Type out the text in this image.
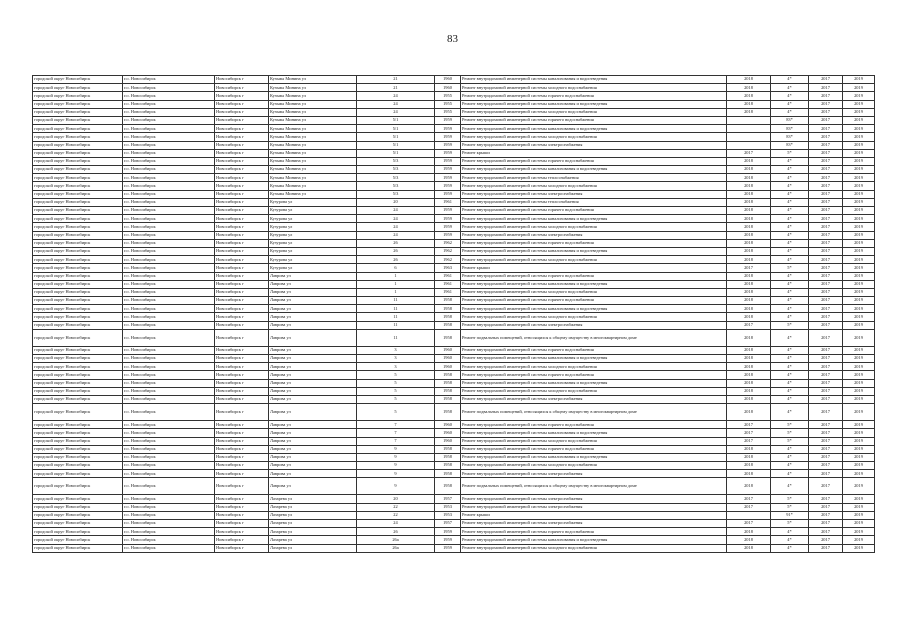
83
городской округ Новосибирск	г.о. Новосибирск	Новосибирск г	Кузьмы Минина ул	21	1960	Ремонт внутридомовой инженерной системы канализования и водоотведения	2018	4*	2017	2019
городской округ Новосибирск	г.о. Новосибирск	Новосибирск г	Кузьмы Минина ул	21	1960	Ремонт внутридомовой инженерной системы холодного водоснабжения	2018	4*	2017	2019
городской округ Новосибирск	г.о. Новосибирск	Новосибирск г	Кузьмы Минина ул	24	1955	Ремонт внутридомовой инженерной системы горячего водоснабжения	2018	4*	2017	2019
городской округ Новосибирск	г.о. Новосибирск	Новосибирск г	Кузьмы Минина ул	24	1955	Ремонт внутридомовой инженерной системы канализования и водоотведения	2018	4*	2017	2019
городской округ Новосибирск	г.о. Новосибирск	Новосибирск г	Кузьмы Минина ул	24	1955	Ремонт внутридомовой инженерной системы холодного водоснабжения	2018	4*	2017	2019
городской округ Новосибирск	г.о. Новосибирск	Новосибирск г	Кузьмы Минина ул	5/1	1959	Ремонт внутридомовой инженерной системы горячего водоснабжения		83*	2017	2019
городской округ Новосибирск	г.о. Новосибирск	Новосибирск г	Кузьмы Минина ул	5/1	1959	Ремонт внутридомовой инженерной системы канализования и водоотведения		83*	2017	2019
городской округ Новосибирск	г.о. Новосибирск	Новосибирск г	Кузьмы Минина ул	5/1	1959	Ремонт внутридомовой инженерной системы холодного водоснабжения		83*	2017	2019
городской округ Новосибирск	г.о. Новосибирск	Новосибирск г	Кузьмы Минина ул	5/1	1959	Ремонт внутридомовой инженерной системы электроснабжения		83*	2017	2019
городской округ Новосибирск	г.о. Новосибирск	Новосибирск г	Кузьмы Минина ул	5/1	1959	Ремонт крыши	2017	5*	2017	2019
городской округ Новосибирск	г.о. Новосибирск	Новосибирск г	Кузьмы Минина ул	5/3	1959	Ремонт внутридомовой инженерной системы горячего водоснабжения	2018	4*	2017	2019
городской округ Новосибирск	г.о. Новосибирск	Новосибирск г	Кузьмы Минина ул	5/3	1959	Ремонт внутридомовой инженерной системы канализования и водоотведения	2018	4*	2017	2019
городской округ Новосибирск	г.о. Новосибирск	Новосибирск г	Кузьмы Минина ул	5/3	1959	Ремонт внутридомовой инженерной системы теплоснабжения	2018	4*	2017	2019
городской округ Новосибирск	г.о. Новосибирск	Новосибирск г	Кузьмы Минина ул	5/3	1959	Ремонт внутридомовой инженерной системы холодного водоснабжения	2018	4*	2017	2019
городской округ Новосибирск	г.о. Новосибирск	Новосибирск г	Кузьмы Минина ул	5/3	1959	Ремонт внутридомовой инженерной системы электроснабжения	2018	4*	2017	2019
городской округ Новосибирск	г.о. Новосибирск	Новосибирск г	Кузурова ул	20	1961	Ремонт внутридомовой инженерной системы теплоснабжения	2018	4*	2017	2019
городской округ Новосибирск	г.о. Новосибирск	Новосибирск г	Кузурова ул	24	1959	Ремонт внутридомовой инженерной системы горячего водоснабжения	2018	4*	2017	2019
городской округ Новосибирск	г.о. Новосибирск	Новосибирск г	Кузурова ул	24	1959	Ремонт внутридомовой инженерной системы канализования и водоотведения	2018	4*	2017	2019
городской округ Новосибирск	г.о. Новосибирск	Новосибирск г	Кузурова ул	24	1959	Ремонт внутридомовой инженерной системы холодного водоснабжения	2018	4*	2017	2019
городской округ Новосибирск	г.о. Новосибирск	Новосибирск г	Кузурова ул	24	1959	Ремонт внутридомовой инженерной системы электроснабжения	2018	4*	2017	2019
городской округ Новосибирск	г.о. Новосибирск	Новосибирск г	Кузурова ул	26	1962	Ремонт внутридомовой инженерной системы горячего водоснабжения	2018	4*	2017	2019
городской округ Новосибирск	г.о. Новосибирск	Новосибирск г	Кузурова ул	26	1962	Ремонт внутридомовой инженерной системы канализования и водоотведения	2018	4*	2017	2019
городской округ Новосибирск	г.о. Новосибирск	Новосибирск г	Кузурова ул	26	1962	Ремонт внутридомовой инженерной системы холодного водоснабжения	2018	4*	2017	2019
городской округ Новосибирск	г.о. Новосибирск	Новосибирск г	Кузурова ул	6	1963	Ремонт крыши	2017	5*	2017	2019
городской округ Новосибирск	г.о. Новосибирск	Новосибирск г	Лаврова ул	1	1961	Ремонт внутридомовой инженерной системы горячего водоснабжения	2018	4*	2017	2019
городской округ Новосибирск	г.о. Новосибирск	Новосибирск г	Лаврова ул	1	1961	Ремонт внутридомовой инженерной системы канализования и водоотведения	2018	4*	2017	2019
городской округ Новосибирск	г.о. Новосибирск	Новосибирск г	Лаврова ул	1	1961	Ремонт внутридомовой инженерной системы холодного водоснабжения	2018	4*	2017	2019
городской округ Новосибирск	г.о. Новосибирск	Новосибирск г	Лаврова ул	11	1958	Ремонт внутридомовой инженерной системы горячего водоснабжения	2018	4*	2017	2019
городской округ Новосибирск	г.о. Новосибирск	Новосибирск г	Лаврова ул	11	1958	Ремонт внутридомовой инженерной системы канализования и водоотведения	2018	4*	2017	2019
городской округ Новосибирск	г.о. Новосибирск	Новосибирск г	Лаврова ул	11	1958	Ремонт внутридомовой инженерной системы холодного водоснабжения	2018	4*	2017	2019
городской округ Новосибирск	г.о. Новосибирск	Новосибирск г	Лаврова ул	11	1958	Ремонт внутридомовой инженерной системы электроснабжения	2017	5*	2017	2019
городской округ Новосибирск	г.о. Новосибирск	Новосибирск г	Лаврова ул	11	1958	Ремонт подвальных помещений, относящихся к общему имуществу в многоквартирном доме	2018	4*	2017	2019
городской округ Новосибирск	г.о. Новосибирск	Новосибирск г	Лаврова ул	3	1960	Ремонт внутридомовой инженерной системы горячего водоснабжения	2018	4*	2017	2019
городской округ Новосибирск	г.о. Новосибирск	Новосибирск г	Лаврова ул	3	1960	Ремонт внутридомовой инженерной системы канализования и водоотведения	2018	4*	2017	2019
городской округ Новосибирск	г.о. Новосибирск	Новосибирск г	Лаврова ул	3	1960	Ремонт внутридомовой инженерной системы холодного водоснабжения	2018	4*	2017	2019
городской округ Новосибирск	г.о. Новосибирск	Новосибирск г	Лаврова ул	5	1958	Ремонт внутридомовой инженерной системы горячего водоснабжения	2018	4*	2017	2019
городской округ Новосибирск	г.о. Новосибирск	Новосибирск г	Лаврова ул	5	1958	Ремонт внутридомовой инженерной системы канализования и водоотведения	2018	4*	2017	2019
городской округ Новосибирск	г.о. Новосибирск	Новосибирск г	Лаврова ул	5	1958	Ремонт внутридомовой инженерной системы холодного водоснабжения	2018	4*	2017	2019
городской округ Новосибирск	г.о. Новосибирск	Новосибирск г	Лаврова ул	5	1958	Ремонт внутридомовой инженерной системы электроснабжения	2018	4*	2017	2019
городской округ Новосибирск	г.о. Новосибирск	Новосибирск г	Лаврова ул	5	1958	Ремонт подвальных помещений, относящихся к общему имуществу в многоквартирном доме	2018	4*	2017	2019
городской округ Новосибирск	г.о. Новосибирск	Новосибирск г	Лаврова ул	7	1960	Ремонт внутридомовой инженерной системы горячего водоснабжения	2017	5*	2017	2019
городской округ Новосибирск	г.о. Новосибирск	Новосибирск г	Лаврова ул	7	1960	Ремонт внутридомовой инженерной системы канализования и водоотведения	2017	5*	2017	2019
городской округ Новосибирск	г.о. Новосибирск	Новосибирск г	Лаврова ул	7	1960	Ремонт внутридомовой инженерной системы холодного водоснабжения	2017	5*	2017	2019
городской округ Новосибирск	г.о. Новосибирск	Новосибирск г	Лаврова ул	9	1958	Ремонт внутридомовой инженерной системы горячего водоснабжения	2018	4*	2017	2019
городской округ Новосибирск	г.о. Новосибирск	Новосибирск г	Лаврова ул	9	1958	Ремонт внутридомовой инженерной системы канализования и водоотведения	2018	4*	2017	2019
городской округ Новосибирск	г.о. Новосибирск	Новосибирск г	Лаврова ул	9	1958	Ремонт внутридомовой инженерной системы холодного водоснабжения	2018	4*	2017	2019
городской округ Новосибирск	г.о. Новосибирск	Новосибирск г	Лаврова ул	9	1958	Ремонт внутридомовой инженерной системы электроснабжения	2018	4*	2017	2019
городской округ Новосибирск	г.о. Новосибирск	Новосибирск г	Лаврова ул	9	1958	Ремонт подвальных помещений, относящихся к общему имуществу в многоквартирном доме	2018	4*	2017	2019
городской округ Новосибирск	г.о. Новосибирск	Новосибирск г	Лазарева ул	20	1957	Ремонт внутридомовой инженерной системы электроснабжения	2017	5*	2017	2019
городской округ Новосибирск	г.о. Новосибирск	Новосибирск г	Лазарева ул	22	1953	Ремонт внутридомовой инженерной системы электроснабжения	2017	5*	2017	2019
городской округ Новосибирск	г.о. Новосибирск	Новосибирск г	Лазарева ул	22	1953	Ремонт крыши		91*	2017	2019
городской округ Новосибирск	г.о. Новосибирск	Новосибирск г	Лазарева ул	24	1957	Ремонт внутридомовой инженерной системы электроснабжения	2017	5*	2017	2019
городской округ Новосибирск	г.о. Новосибирск	Новосибирск г	Лазарева ул	26	1959	Ремонт внутридомовой инженерной системы горячего водоснабжения	2018	4*	2017	2019
городской округ Новосибирск	г.о. Новосибирск	Новосибирск г	Лазарева ул	26а	1959	Ремонт внутридомовой инженерной системы канализования и водоотведения	2018	4*	2017	2019
городской округ Новосибирск	г.о. Новосибирск	Новосибирск г	Лазарева ул	26а	1959	Ремонт внутридомовой инженерной системы холодного водоснабжения	2018	4*	2017	2019
